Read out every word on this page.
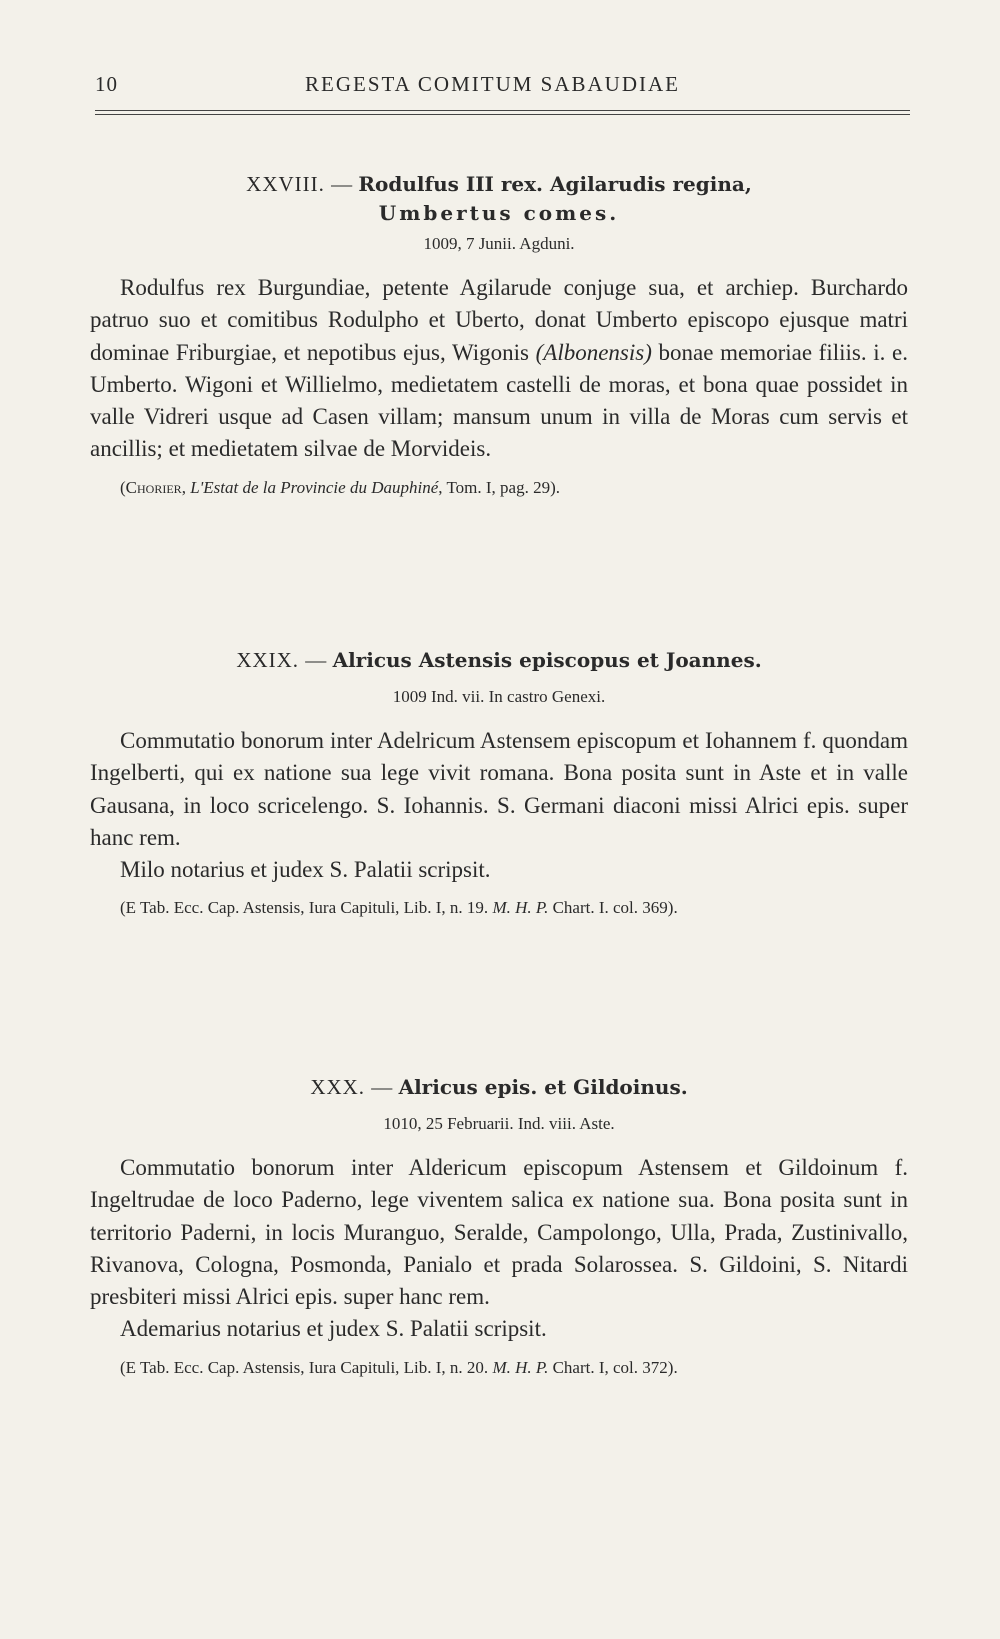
10	REGESTA COMITUM SABAUDIAE
XXVIII. — Rodulfus III rex. Agilarudis regina,
Umbertus comes.
1009, 7 Junii. Agduni.
Rodulfus rex Burgundiae, petente Agilarude conjuge sua, et archiep. Burchardo patruo suo et comitibus Rodulpho et Uberto, donat Umberto episcopo ejusque matri dominae Friburgiae, et nepotibus ejus, Wigonis (Albonensis) bonae memoriae filiis. i. e. Umberto. Wigoni et Willielmo, medietatem castelli de moras, et bona quae possidet in valle Vidreri usque ad Casen villam; mansum unum in villa de Moras cum servis et ancillis; et medietatem silvae de Morvideis.
(Chorier, L'Estat de la Provincie du Dauphiné, Tom. I, pag. 29).
XXIX. — Alricus Astensis episcopus et Joannes.
1009 Ind. vii. In castro Genexi.
Commutatio bonorum inter Adelricum Astensem episcopum et Iohannem f. quondam Ingelberti, qui ex natione sua lege vivit romana. Bona posita sunt in Aste et in valle Gausana, in loco scricelengo. S. Iohannis. S. Germani diaconi missi Alrici epis. super hanc rem.
Milo notarius et judex S. Palatii scripsit.
(E Tab. Ecc. Cap. Astensis, Iura Capituli, Lib. I, n. 19. M. H. P. Chart. I. col. 369).
XXX. — Alricus epis. et Gildoinus.
1010, 25 Februarii. Ind. viii. Aste.
Commutatio bonorum inter Aldericum episcopum Astensem et Gildoinum f. Ingeltrudae de loco Paderno, lege viventem salica ex natione sua. Bona posita sunt in territorio Paderni, in locis Muranguo, Seralde, Campolongo, Ulla, Prada, Zustinivallo, Rivanova, Cologna, Posmonda, Panialo et prada Solarossea. S. Gildoini, S. Nitardi presbiteri missi Alrici epis. super hanc rem.
Ademarius notarius et judex S. Palatii scripsit.
(E Tab. Ecc. Cap. Astensis, Iura Capituli, Lib. I, n. 20. M. H. P. Chart. I, col. 372).
